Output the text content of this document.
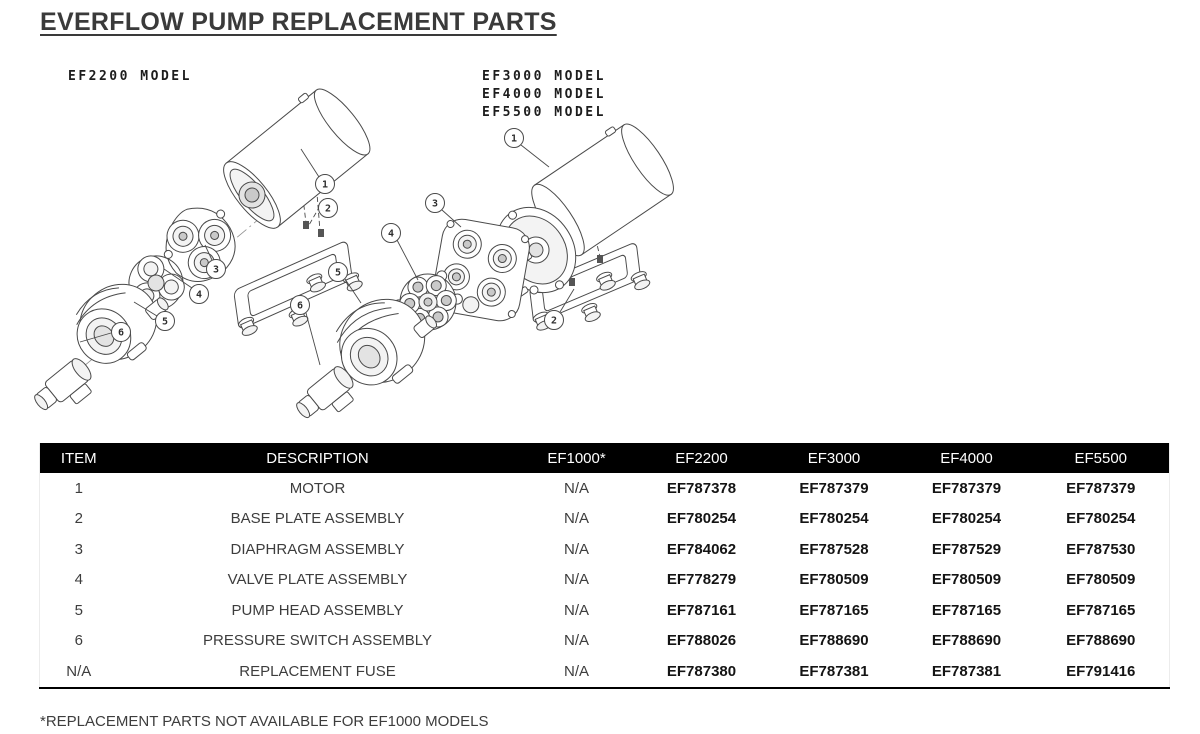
EVERFLOW PUMP REPLACEMENT PARTS
EF2200 MODEL
1
2
3
4
5
6
EF3000 MODEL
EF4000 MODEL
EF5500 MODEL
1
2
3
4
5
6
ITEM	DESCRIPTION	EF1000*	EF2200	EF3000	EF4000	EF5500
1	MOTOR	N/A	EF787378	EF787379	EF787379	EF787379
2	BASE PLATE ASSEMBLY	N/A	EF780254	EF780254	EF780254	EF780254
3	DIAPHRAGM ASSEMBLY	N/A	EF784062	EF787528	EF787529	EF787530
4	VALVE PLATE ASSEMBLY	N/A	EF778279	EF780509	EF780509	EF780509
5	PUMP HEAD ASSEMBLY	N/A	EF787161	EF787165	EF787165	EF787165
6	PRESSURE SWITCH ASSEMBLY	N/A	EF788026	EF788690	EF788690	EF788690
N/A	REPLACEMENT FUSE	N/A	EF787380	EF787381	EF787381	EF791416
*REPLACEMENT PARTS NOT AVAILABLE FOR EF1000 MODELS
